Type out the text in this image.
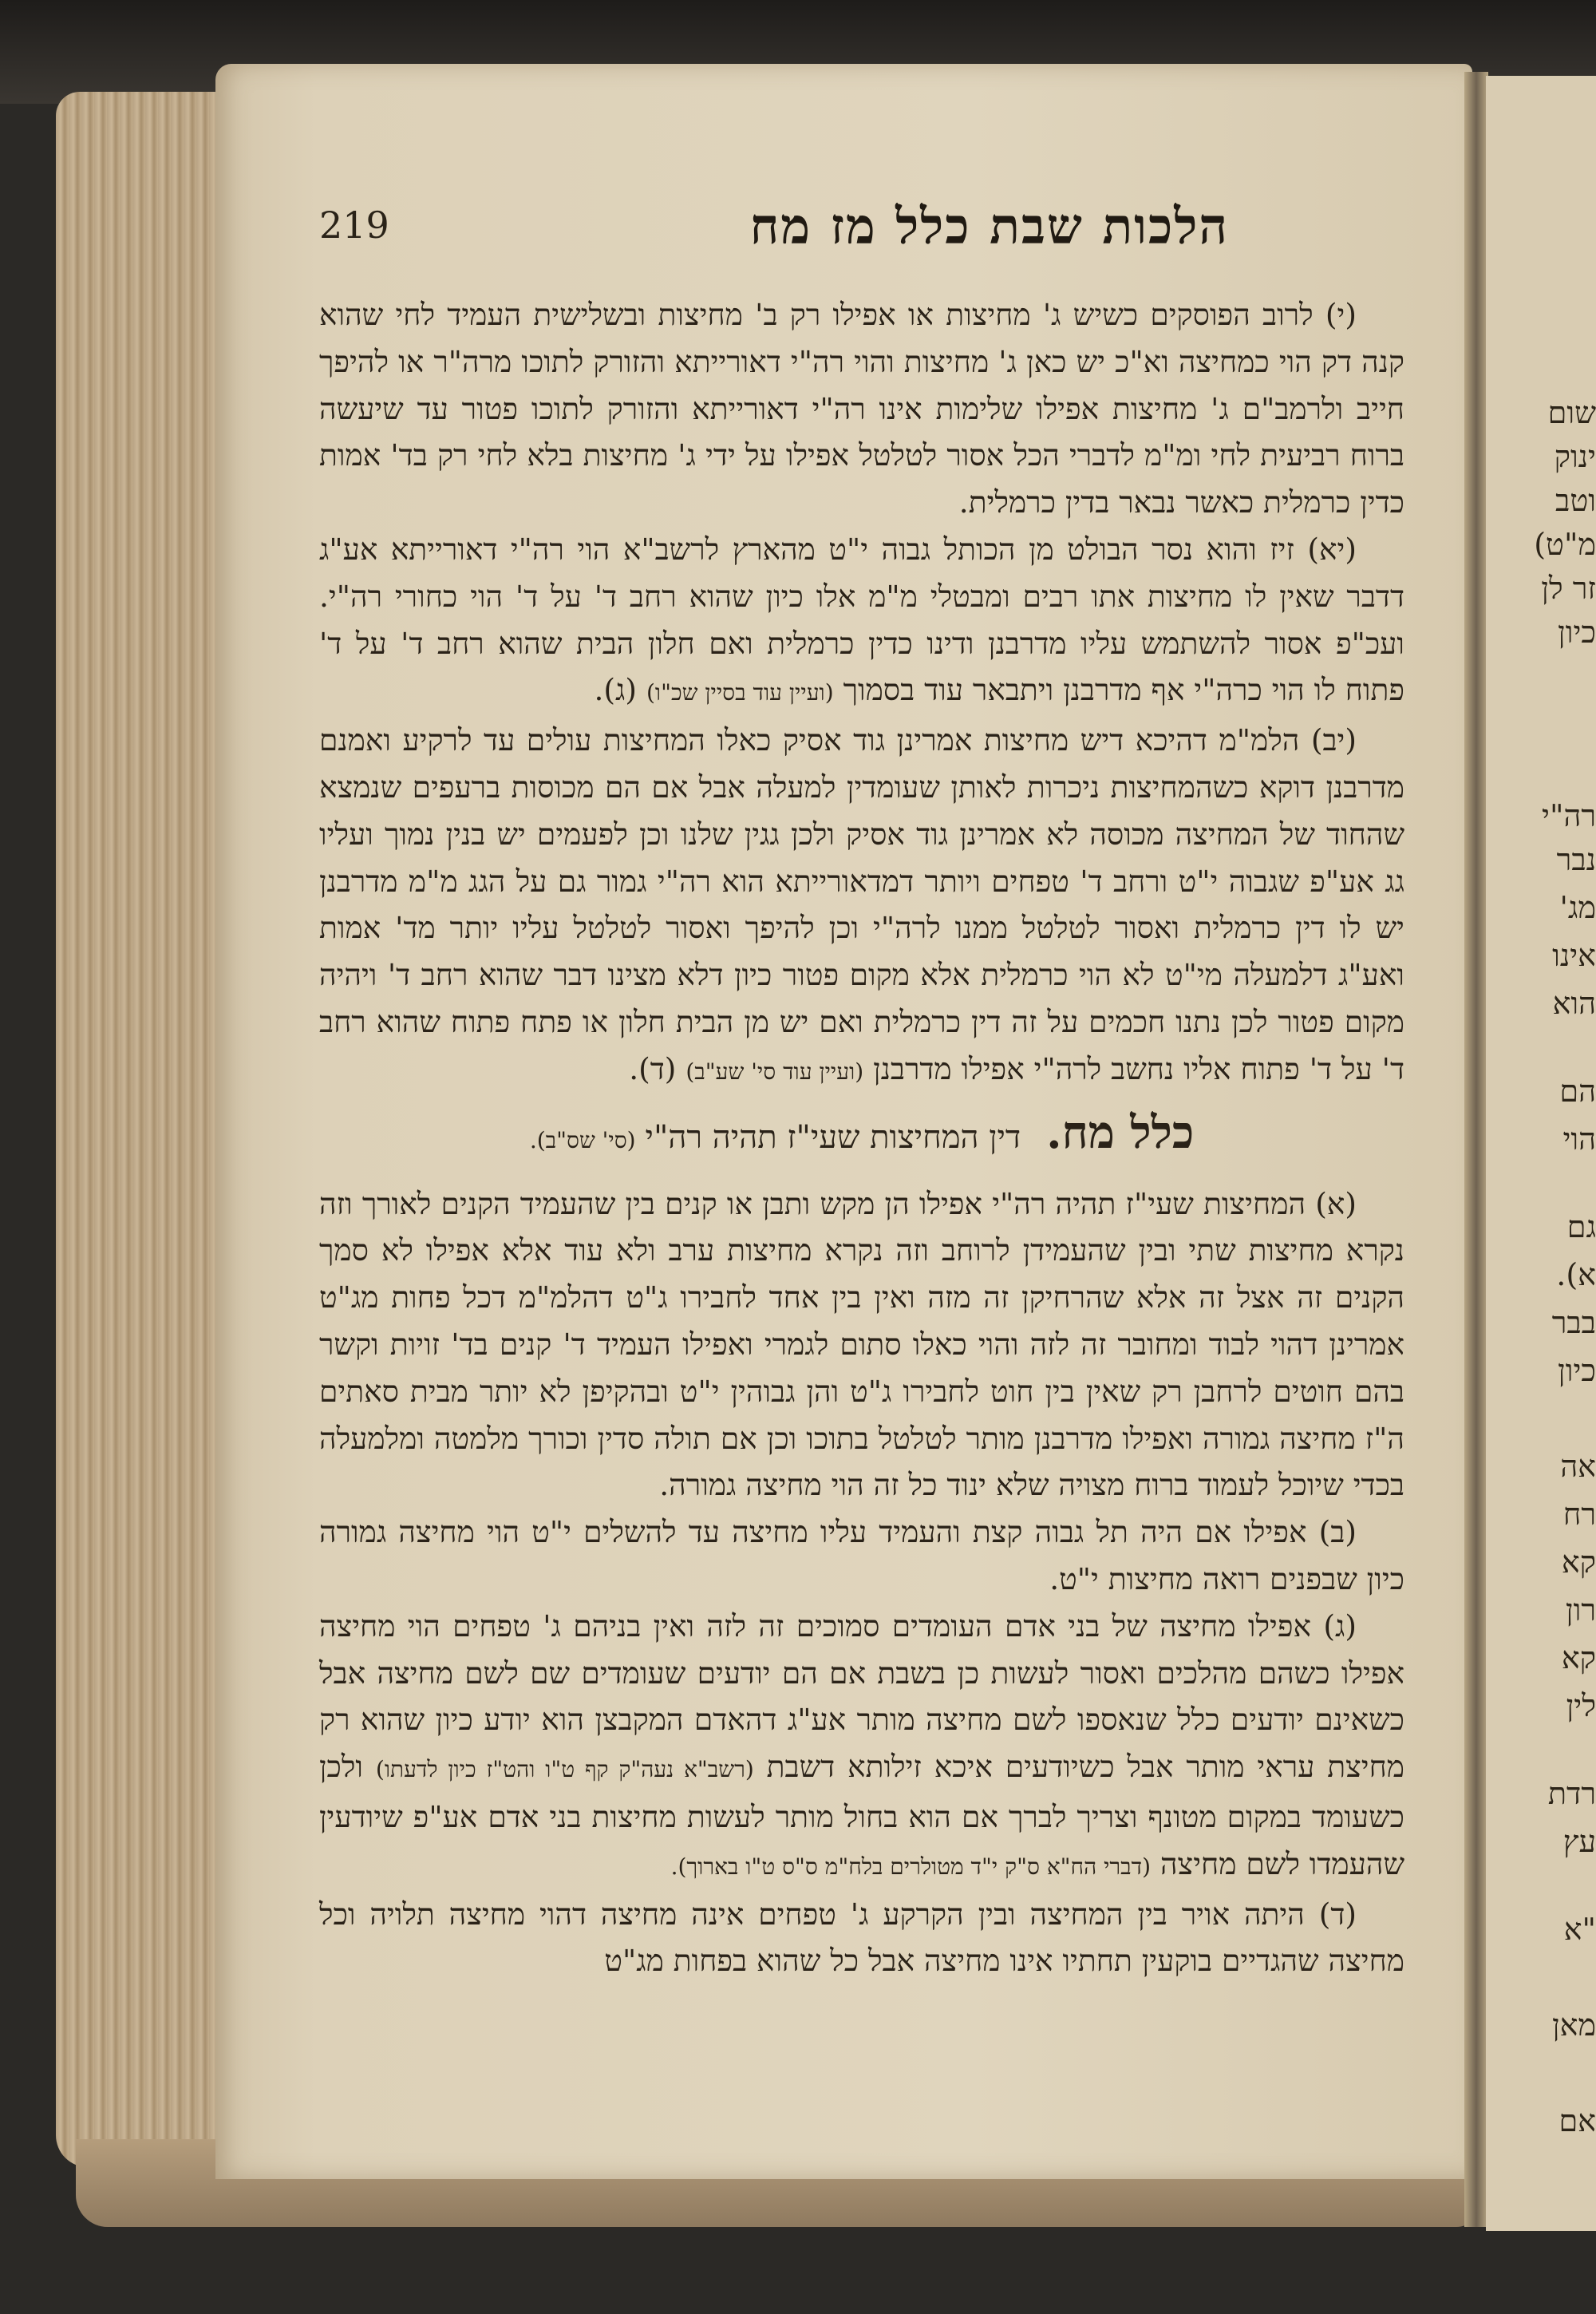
שום
ינוק
וטב
מ"ט)
זר לן
כיון
רה"י
נבר
מג'
אינו
הוא
הם
הוי
גם
א).
בבר
כיון
אה
רח
קא
רון
קא
לין
רדת
עץ
"א
מאן
אם
219	הלכות שבת כלל מז מח

(י) לרוב הפוסקים כשיש ג' מחיצות או אפילו רק ב' מחיצות ובשלישית העמיד לחי שהוא קנה דק הוי כמחיצה וא"כ יש כאן ג' מחיצות והוי רה"י דאורייתא והזורק לתוכו מרה"ר או להיפך חייב ולרמב"ם ג' מחיצות אפילו שלימות אינו רה"י דאורייתא והזורק לתוכו פטור עד שיעשה ברוח רביעית לחי ומ"מ לדברי הכל אסור לטלטל אפילו על ידי ג' מחיצות בלא לחי רק בד' אמות כדין כרמלית כאשר נבאר בדין כרמלית.

(יא) זיז והוא נסר הבולט מן הכותל גבוה י"ט מהארץ לרשב"א הוי רה"י דאורייתא אע"ג דדבר שאין לו מחיצות אתו רבים ומבטלי מ"מ אלו כיון שהוא רחב ד' על ד' הוי כחורי רה"י. ועכ"פ אסור להשתמש עליו מדרבנן ודינו כדין כרמלית ואם חלון הבית שהוא רחב ד' על ד' פתוח לו הוי כרה"י אף מדרבנן ויתבאר עוד בסמוך (ועיין עוד בסיין שכ"ו) (ג).

(יב) הלמ"מ דהיכא דיש מחיצות אמרינן גוד אסיק כאלו המחיצות עולים עד לרקיע ואמנם מדרבנן דוקא כשהמחיצות ניכרות לאותן שעומדין למעלה אבל אם הם מכוסות ברעפים שנמצא שהחוד של המחיצה מכוסה לא אמרינן גוד אסיק ולכן גגין שלנו וכן לפעמים יש בנין נמוך ועליו גג אע"פ שגבוה י"ט ורחב ד' טפחים ויותר דמדאורייתא הוא רה"י גמור גם על הגג מ"מ מדרבנן יש לו דין כרמלית ואסור לטלטל ממנו לרה"י וכן להיפך ואסור לטלטל עליו יותר מד' אמות ואע"ג דלמעלה מי"ט לא הוי כרמלית אלא מקום פטור כיון דלא מצינו דבר שהוא רחב ד' ויהיה מקום פטור לכן נתנו חכמים על זה דין כרמלית ואם יש מן הבית חלון או פתח פתוח שהוא רחב ד' על ד' פתוח אליו נחשב לרה"י אפילו מדרבנן (ועיין עוד סי' שע"ב) (ד).

כלל מח. דין המחיצות שעי"ז תהיה רה"י (סי' שס"ב).

(א) המחיצות שעי"ז תהיה רה"י אפילו הן מקש ותבן או קנים בין שהעמיד הקנים לאורך וזה נקרא מחיצות שתי ובין שהעמידן לרוחב וזה נקרא מחיצות ערב ולא עוד אלא אפילו לא סמך הקנים זה אצל זה אלא שהרחיקן זה מזה ואין בין אחד לחבירו ג"ט דהלמ"מ דכל פחות מג"ט אמרינן דהוי לבוד ומחובר זה לזה והוי כאלו סתום לגמרי ואפילו העמיד ד' קנים בד' זויות וקשר בהם חוטים לרחבן רק שאין בין חוט לחבירו ג"ט והן גבוהין י"ט ובהקיפן לא יותר מבית סאתים ה"ז מחיצה גמורה ואפילו מדרבנן מותר לטלטל בתוכו וכן אם תולה סדין וכורך מלמטה ומלמעלה בכדי שיוכל לעמוד ברוח מצויה שלא ינוד כל זה הוי מחיצה גמורה.

(ב) אפילו אם היה תל גבוה קצת והעמיד עליו מחיצה עד להשלים י"ט הוי מחיצה גמורה כיון שבפנים רואה מחיצות י"ט.

(ג) אפילו מחיצה של בני אדם העומדים סמוכים זה לזה ואין בניהם ג' טפחים הוי מחיצה אפילו כשהם מהלכים ואסור לעשות כן בשבת אם הם יודעים שעומדים שם לשם מחיצה אבל כשאינם יודעים כלל שנאספו לשם מחיצה מותר אע"ג דהאדם המקבצן הוא יודע כיון שהוא רק מחיצת עראי מותר אבל כשיודעים איכא זילותא דשבת (רשב"א נעה"ק קף ט"ו והט"ז כיון לדעתו) ולכן כשעומד במקום מטונף וצריך לברך אם הוא בחול מותר לעשות מחיצות בני אדם אע"פ שיודעין שהעמדו לשם מחיצה (דברי הח"א ס"ק י"ד מטולרים בלח"מ ס"ס ט"ו בארוך).

(ד) היתה אויר בין המחיצה ובין הקרקע ג' טפחים אינה מחיצה דהוי מחיצה תלויה וכל מחיצה שהגדיים בוקעין תחתיו אינו מחיצה אבל כל שהוא בפחות מג"ט
